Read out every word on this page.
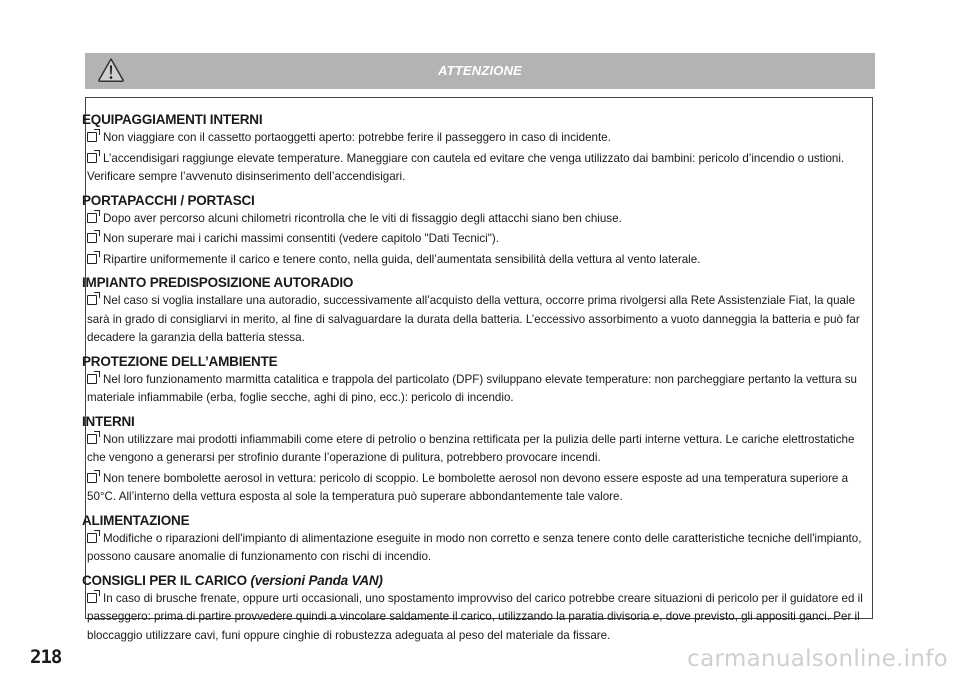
ATTENZIONE
EQUIPAGGIAMENTI INTERNI
Non viaggiare con il cassetto portaoggetti aperto: potrebbe ferire il passeggero in caso di incidente.
L’accendisigari raggiunge elevate temperature. Maneggiare con cautela ed evitare che venga utilizzato dai bambini: pericolo d’incendio o ustioni. Verificare sempre l’avvenuto disinserimento dell’accendisigari.
PORTAPACCHI / PORTASCI
Dopo aver percorso alcuni chilometri ricontrolla che le viti di fissaggio degli attacchi siano ben chiuse.
Non superare mai i carichi massimi consentiti (vedere capitolo "Dati Tecnici").
Ripartire uniformemente il carico e tenere conto, nella guida, dell’aumentata sensibilità della vettura al vento laterale.
IMPIANTO PREDISPOSIZIONE AUTORADIO
Nel caso si voglia installare una autoradio, successivamente all’acquisto della vettura, occorre prima rivolgersi alla Rete Assistenziale Fiat, la quale sarà in grado di consigliarvi in merito, al fine di salvaguardare la durata della batteria. L’eccessivo assorbimento a vuoto danneggia la batteria e può far decadere la garanzia della batteria stessa.
PROTEZIONE DELL’AMBIENTE
Nel loro funzionamento marmitta catalitica e trappola del particolato (DPF) sviluppano elevate temperature: non parcheggiare pertanto la vettura su materiale infiammabile (erba, foglie secche, aghi di pino, ecc.): pericolo di incendio.
INTERNI
Non utilizzare mai prodotti infiammabili come etere di petrolio o benzina rettificata per la pulizia delle parti interne vettura. Le cariche elettrostatiche che vengono a generarsi per strofinio durante l’operazione di pulitura, potrebbero provocare incendi.
Non tenere bombolette aerosol in vettura: pericolo di scoppio. Le bombolette aerosol non devono essere esposte ad una temperatura superiore a 50°C. All’interno della vettura esposta al sole la temperatura può superare abbondantemente tale valore.
ALIMENTAZIONE
Modifiche o riparazioni dell'impianto di alimentazione eseguite in modo non corretto e senza tenere conto delle caratteristiche tecniche dell'impianto, possono causare anomalie di funzionamento con rischi di incendio.
CONSIGLI PER IL CARICO (versioni Panda VAN)
In caso di brusche frenate, oppure urti occasionali, uno spostamento improvviso del carico potrebbe creare situazioni di pericolo per il guidatore ed il passeggero: prima di partire provvedere quindi a vincolare saldamente il carico, utilizzando la paratia divisoria e, dove previsto, gli appositi ganci. Per il bloccaggio utilizzare cavi, funi oppure cinghie di robustezza adeguata al peso del materiale da fissare.
218	carmanualsonline.info
